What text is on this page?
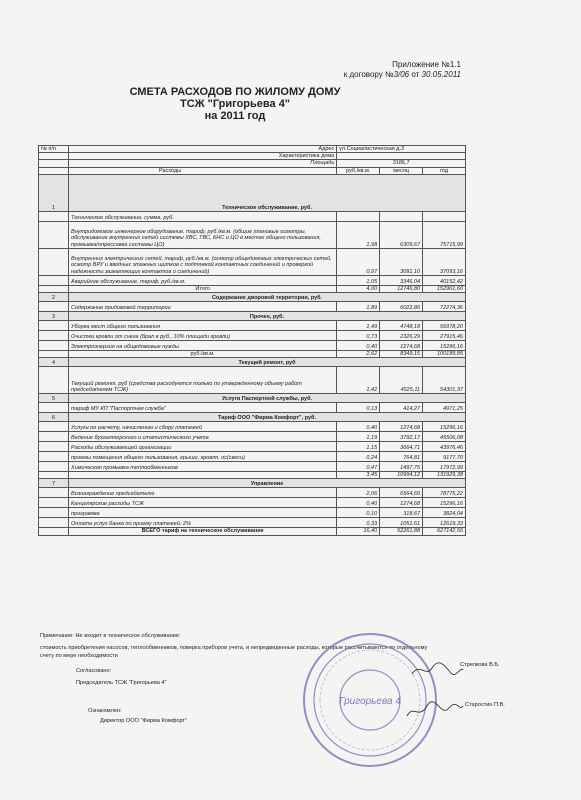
Приложение №1.1
к договору №3/06 от 30.05.2011
СМЕТА РАСХОДОВ ПО ЖИЛОМУ ДОМУ
ТСЖ "Григорьева 4"
на 2011 год
№ п/п	Адрес	ул.Социалистическая д.3		
	Характеристика дома			
	Площадь	3186,7		
	Расходы	руб./кв.м.	месяц	год
1	Техническое обслуживание, руб.			
	Техническое обслуживание, сумма, руб.			
	Внутридомовое инженерное оборудование, тариф, руб./кв.м. (общие плановые осмотры, обслуживание внутренних сетей системы ХВС, ГВС, КНС и ЦО в местах общего пользования, промывка/опрессовка системы ЦО)	1,98	6309,67	75715,99
	Внутренних электрических сетей, тариф, руб./кв.м. (осмотр общедомовых электрических сетей, осмотр ВРУ и вводных этажных щитков с подтяжкой контактных соединений и проверкой надежности заземляющих контактов и соединений)	0,97	3091,10	37093,16
	Аварийное обслуживание, тариф, руб./кв.м.	1,05	3346,04	40152,42
	Итого	4,00	12746,80	152961,60
2	Содержание дворовой территории, руб.			
	Содержание придомовой территории	1,89	6022,86	72274,36
3	Прочее, руб.			
	Уборка мест общего пользования	1,49	4748,18	56978,20
	Очистка кровли от снега (брал в руб., 10% площади кровли)	0,73	2326,29	27915,46
	Электроэнергия на общедомовые нужды	0,40	1274,68	15296,16
	руб./кв.м.	2,62	8349,15	100189,85
4	Текущий ремонт, руб			
	Текущий ремонт, руб (средства расходуются только по утвержденному объему работ председателем ТСЖ)	1,42	4525,11	54301,37
5	Услуги Паспортной службы, руб.			
	тариф МУ КП "Паспортная служба"	0,13	414,27	4971,25
6	Тариф ООО "Фирма Комфорт", руб.			
	Услуги по расчету, начислению и сбору платежей	0,40	1274,68	15296,16
	Ведение бухгалтерского и статистического учета	1,19	3792,17	45506,08
	Расходы обслуживающей организации	1,15	3664,71	43976,46
	проемы помещения общего пользования, крыши, кровля, ос(свеси)	0,24	764,81	9177,70
	Химическая промывка теплообменников	0,47	1497,75	17972,99
		3,45	10994,12	131929,38
7	Управление			
	Вознаграждение председателю	2,06	6564,60	78775,22
	Канцелярские расходы ТСЖ	0,40	1274,68	15296,16
	программа	0,10	318,67	3824,04
	Оплата услуг банка по приему платежей, 2%	0,33	1051,61	12619,33
	ВСЕГО тариф на техническое обслуживание	16,40	52261,88	627142,56
Примечание: Не входит в техническое обслуживание:
стоимость приобретения насосов, теплообменников, поверка приборов учета, и непредвиденные расходы, которые рассчитываются по отдельному
счету по мере необходимости
Согласовано:
Председатель ТСЖ "Григорьева 4"
Стрелкова В.Б.
Ознакомлен:
Директор ООО "Фирма Комфорт"
Старостин П.В.
Григорьева 4
